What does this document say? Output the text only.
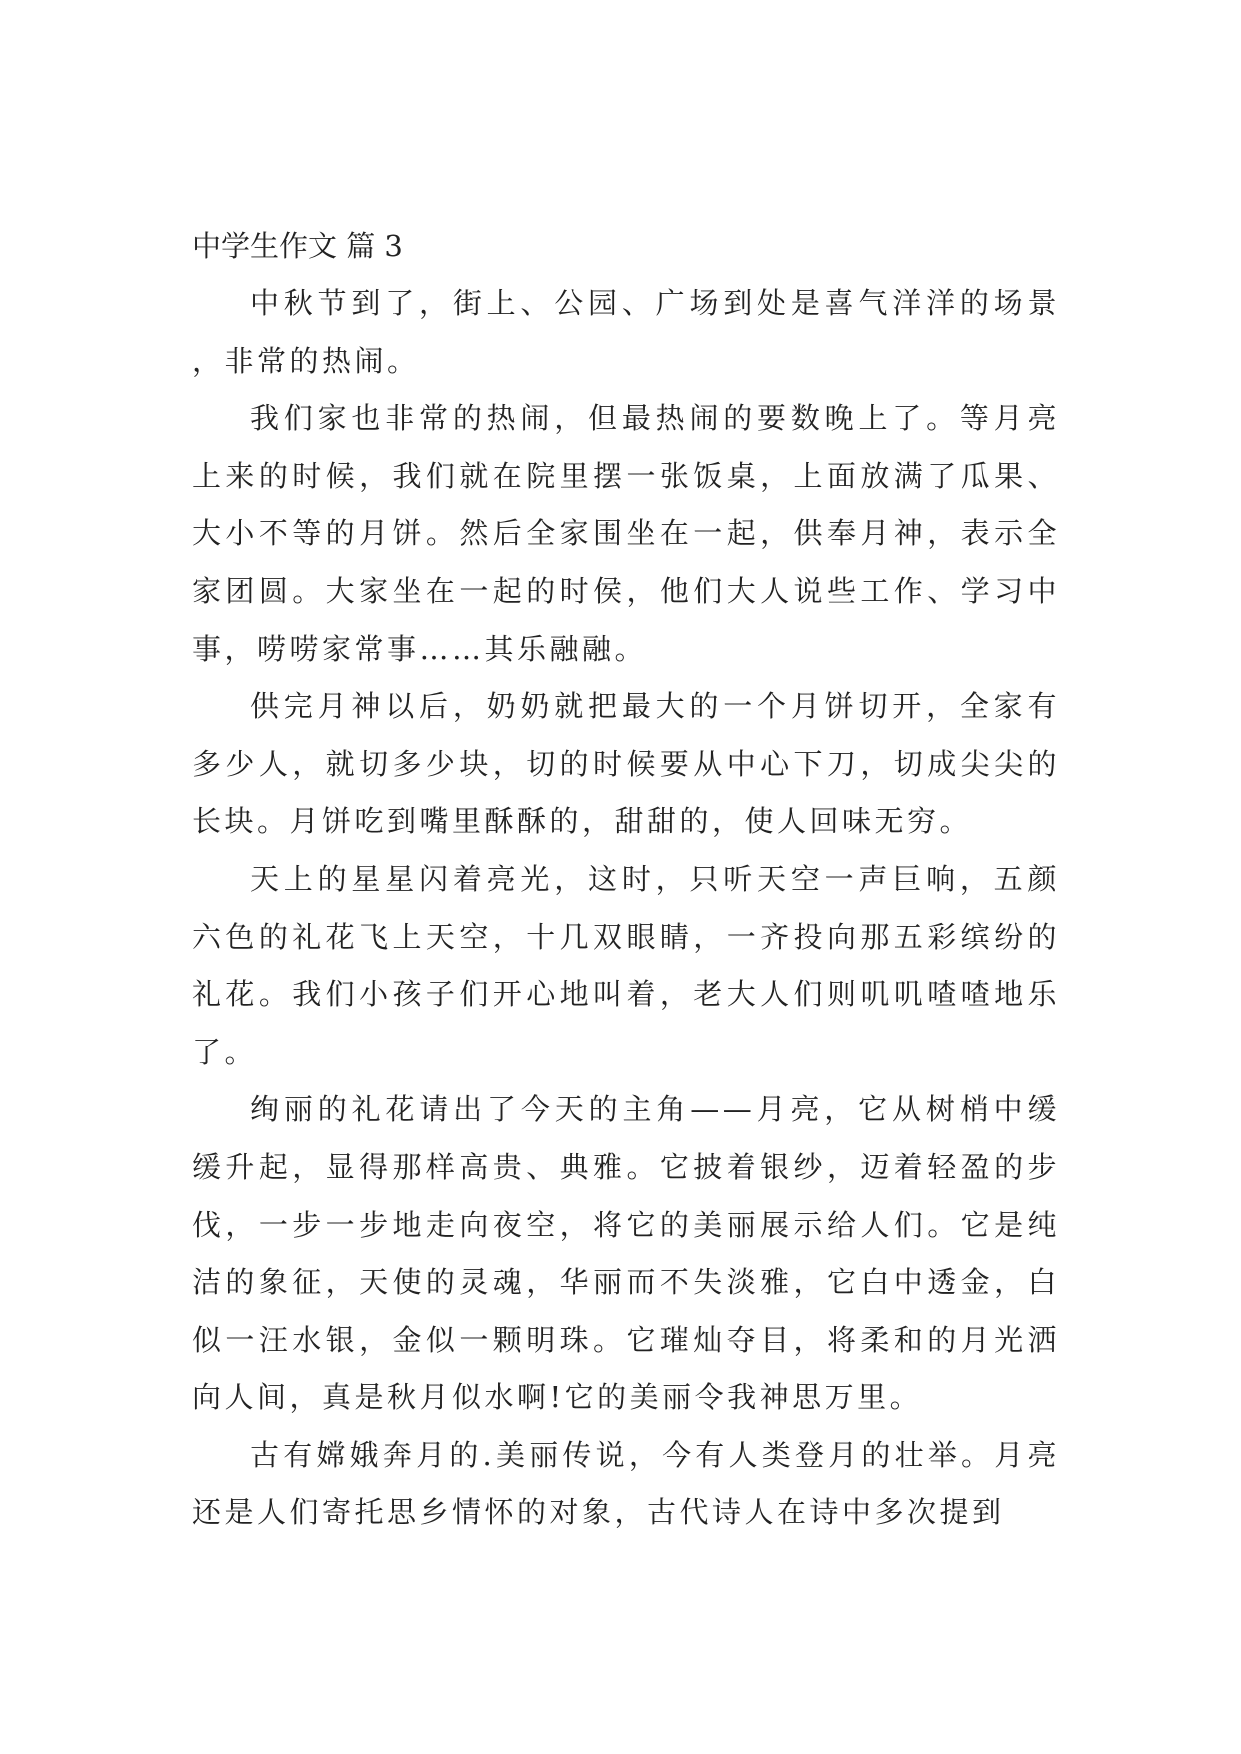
中学生作文 篇 3

中秋节到了，街上、公园、广场到处是喜气洋洋的场景，非常的热闹。

我们家也非常的热闹，但最热闹的要数晚上了。等月亮上来的时候，我们就在院里摆一张饭桌，上面放满了瓜果、大小不等的月饼。然后全家围坐在一起，供奉月神，表示全家团圆。大家坐在一起的时侯，他们大人说些工作、学习中事，唠唠家常事……其乐融融。

供完月神以后，奶奶就把最大的一个月饼切开，全家有多少人，就切多少块，切的时候要从中心下刀，切成尖尖的长块。月饼吃到嘴里酥酥的，甜甜的，使人回味无穷。

天上的星星闪着亮光，这时，只听天空一声巨响，五颜六色的礼花飞上天空，十几双眼睛，一齐投向那五彩缤纷的礼花。我们小孩子们开心地叫着，老大人们则叽叽喳喳地乐了。

绚丽的礼花请出了今天的主角——月亮，它从树梢中缓缓升起，显得那样高贵、典雅。它披着银纱，迈着轻盈的步伐，一步一步地走向夜空，将它的美丽展示给人们。它是纯洁的象征，天使的灵魂，华丽而不失淡雅，它白中透金，白似一汪水银，金似一颗明珠。它璀灿夺目，将柔和的月光洒向人间，真是秋月似水啊!它的美丽令我神思万里。

古有嫦娥奔月的.美丽传说，今有人类登月的壮举。月亮还是人们寄托思乡情怀的对象，古代诗人在诗中多次提到
